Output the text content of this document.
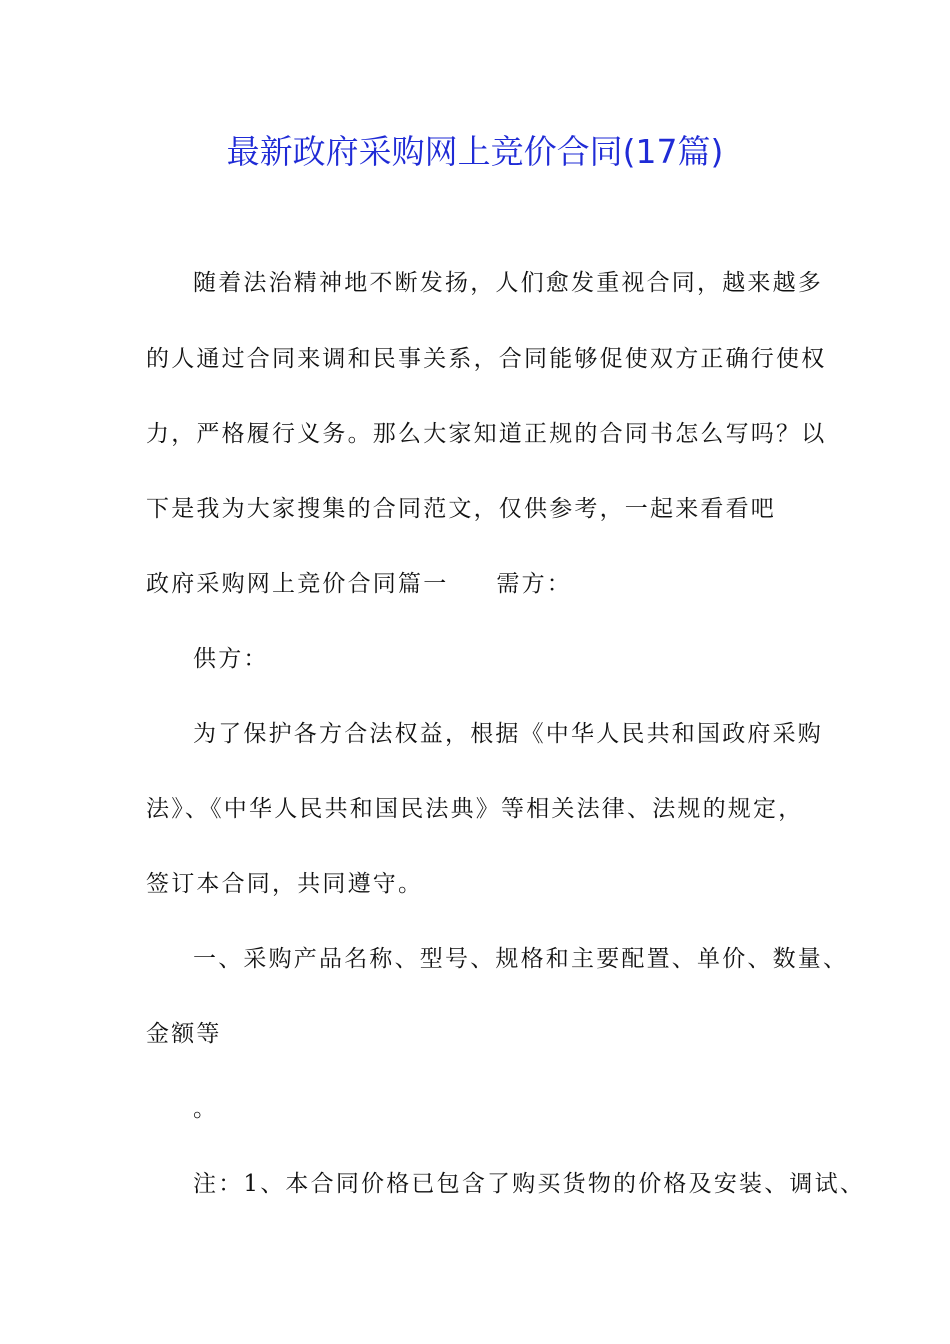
最新政府采购网上竞价合同(17篇)
随着法治精神地不断发扬，人们愈发重视合同，越来越多
的人通过合同来调和民事关系，合同能够促使双方正确行使权
力，严格履行义务。那么大家知道正规的合同书怎么写吗？以
下是我为大家搜集的合同范文，仅供参考，一起来看看吧
政府采购网上竞价合同篇一 需方：
供方：
为了保护各方合法权益，根据《中华人民共和国政府采购
法》、《中华人民共和国民法典》等相关法律、法规的规定，
签订本合同，共同遵守。
一、采购产品名称、型号、规格和主要配置、单价、数量、
金额等
。
注：1、本合同价格已包含了购买货物的价格及安装、调试、
